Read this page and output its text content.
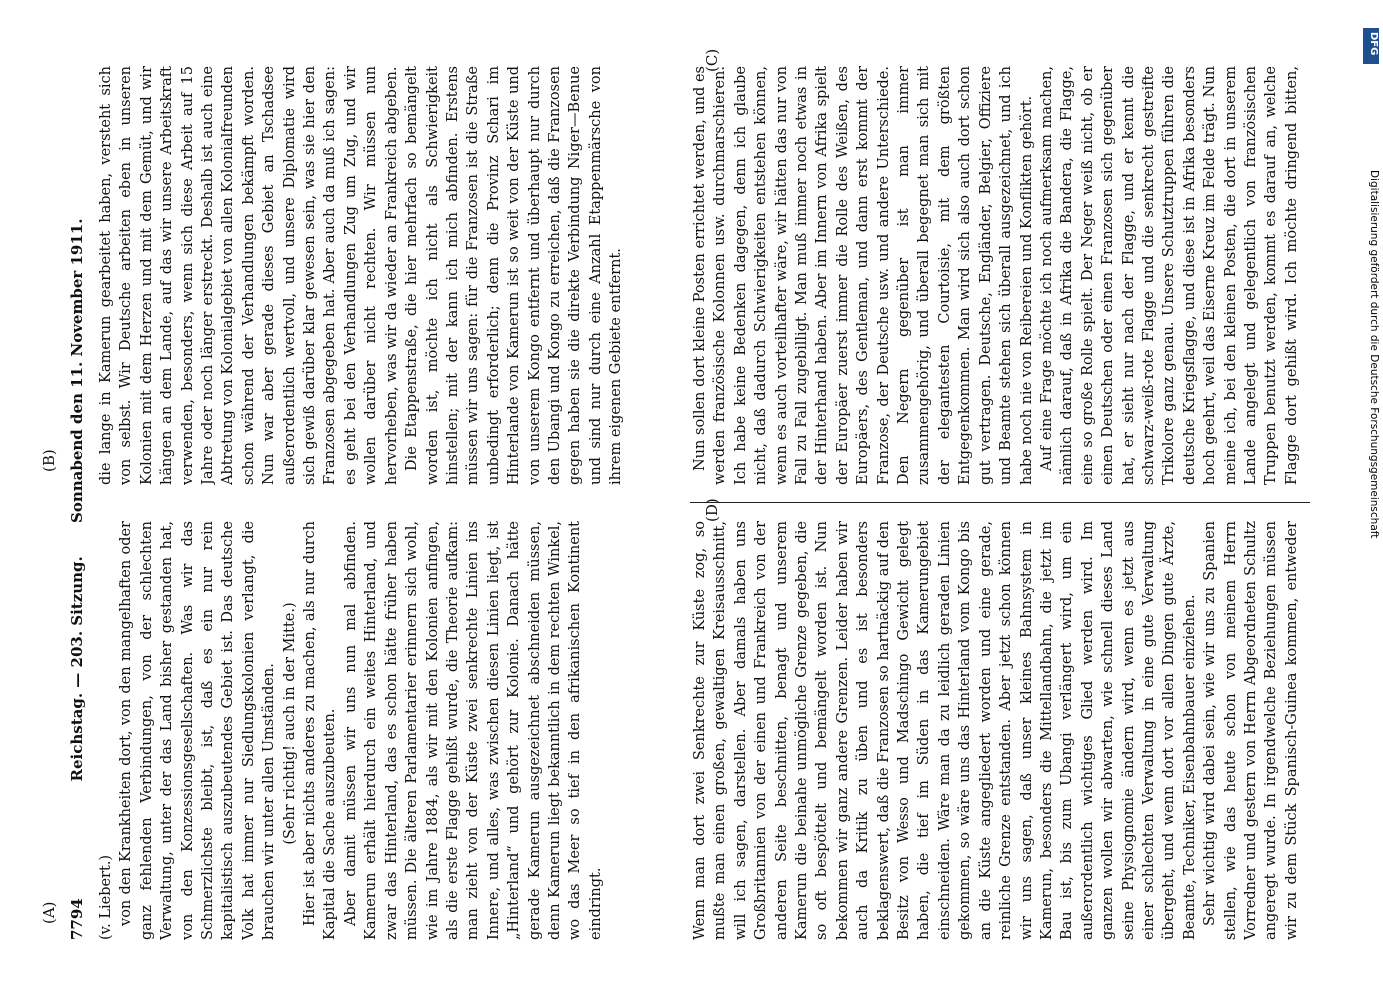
7794
Reichstag. — 203. Sitzung. Sonnabend den 11. November 1911.

(v. Liebert.) von den Krankheiten dort, von den mangelhaften oder ganz fehlenden Verbindungen, von der schlechten Verwaltung, unter der das Land bisher gestanden hat, von den Konzessionsgesellschaften. Was wir das Schmerzlichste bleibt, ist, daß es ein nur rein kapitalistisch auszubeutendes Gebiet ist. Das deutsche Volk hat immer nur Siedlungskolonien verlangt, die brauchen wir unter allen Umständen. (Sehr richtig! auch in der Mitte.) Hier ist aber nichts anderes zu machen, als nur durch Kapital die Sache auszubeuten. Aber damit müssen wir uns nun mal abfinden. Kamerun erhält hierdurch ein weites Hinterland, und zwar das Hinterland, das es schon hätte früher haben müssen. Die älteren Parlamentarier erinnern sich wohl, wie im Jahre 1884, als wir mit den Kolonien anfingen, als die erste Flagge gehißt wurde, die Theorie aufkam: man zieht von der Küste zwei senkrechte Linien ins Innere, und alles, was zwischen diesen Linien liegt, ist „Hinterland“ und gehört zur Kolonie. Danach hätte gerade Kamerun ausgezeichnet abschneiden müssen, denn Kamerun liegt bekanntlich in dem rechten Winkel, wo das Meer so tief in den afrikanischen Kontinent eindringt.

die lange in Kamerun gearbeitet haben, versteht sich von selbst. Wir Deutsche arbeiten eben in unseren Kolonien mit dem Herzen und mit dem Gemüt, und wir hängen an dem Lande, auf das wir unsere Arbeitskraft verwenden, besonders, wenn sich diese Arbeit auf 15 Jahre oder noch länger erstreckt. Deshalb ist auch eine Abtretung von Kolonialgebiet von allen Kolonialfreunden schon während der Verhandlungen bekämpft worden. Nun war aber gerade dieses Gebiet an Tschadsee außerordentlich wertvoll, und unsere Diplomatie wird sich gewiß darüber klar gewesen sein, was sie hier den Franzosen abgegeben hat. Aber auch da muß ich sagen: es geht bei den Verhandlungen Zug um Zug, und wir wollen darüber nicht rechten. Wir müssen nun hervorheben, was wir da wieder an Frankreich abgeben. Die Etappenstraße, die hier mehrfach so bemängelt worden ist, möchte ich nicht als Schwierigkeit hinstellen; mit der kann ich mich abfinden. Erstens müssen wir uns sagen: für die Franzosen ist die Straße unbedingt erforderlich; denn die Provinz Schari im Hinterlande von Kamerun ist so weit von der Küste und von unserem Kongo entfernt und überhaupt nur durch den Ubangi und Kongo zu erreichen, daß die Franzosen gegen haben sie die direkte Verbindung Niger—Benue und sind nur durch eine Anzahl Etappenmärsche von ihrem eigenen Gebiete entfernt.

Wenn man dort zwei Senkrechte zur Küste zog, so mußte man einen großen, gewaltigen Kreisausschnitt, will ich sagen, darstellen. Aber damals haben uns Großbritannien von der einen und Frankreich von der anderen Seite beschnitten, benagt und unserem Kamerun die beinahe unmögliche Grenze gegeben, die so oft bespöttelt und bemängelt worden ist. Nun bekommen wir ganz andere Grenzen. Leider haben wir auch da Kritik zu üben und es ist besonders beklagenswert, daß die Franzosen so hartnäckig auf den Besitz von Wesso und Madschingo Gewicht gelegt haben, die tief im Süden in das Kamerungebiet einschneiden. Wäre man da zu leidlich geraden Linien gekommen, so wäre uns das Hinterland vom Kongo bis an die Küste angegliedert worden und eine gerade, reinliche Grenze entstanden. Aber jetzt schon können wir uns sagen, daß unser kleines Bahnsystem in Kamerun, besonders die Mittellandbahn, die jetzt im Bau ist, bis zum Ubangi verlängert wird, um ein außerordentlich wichtiges Glied werden wird. Im ganzen wollen wir abwarten, wie schnell dieses Land seine Physiognomie ändern wird, wenn es jetzt aus einer schlechten Verwaltung in eine gute Verwaltung übergeht, und wenn dort vor allen Dingen gute Ärzte, Beamte, Techniker, Eisenbahnbauer einziehen. Sehr wichtig wird dabei sein, wie wir uns zu Spanien stellen, wie das heute schon von meinem Herrn Vorredner und gestern von Herrn Abgeordneten Schultz angeregt wurde. In irgendwelche Beziehungen müssen wir zu dem Stück Spanisch-Guinea kommen, entweder

Nun sollen dort kleine Posten errichtet werden, und es werden französische Kolonnen usw. durchmarschieren. Ich habe keine Bedenken dagegen, denn ich glaube nicht, daß dadurch Schwierigkeiten entstehen können, wenn es auch vorteilhafter wäre, wir hätten das nur von Fall zu Fall zugebilligt. Man muß immer noch etwas in der Hinterhand haben. Aber im Innern von Afrika spielt der Europäer zuerst immer die Rolle des Weißen, des Europäers, des Gentleman, und dann erst kommt der Franzose, der Deutsche usw. und andere Unterschiede. Den Negern gegenüber ist man immer zusammengehörig, und überall begegnet man sich mit der elegantesten Courtoisie, mit dem größten Entgegenkommen. Man wird sich also auch dort schon gut vertragen. Deutsche, Engländer, Belgier, Offiziere und Beamte stehen sich überall ausgezeichnet, und ich habe noch nie von Reibereien und Konflikten gehört. Auf eine Frage möchte ich noch aufmerksam machen, nämlich darauf, daß in Afrika die Bandera, die Flagge, eine so große Rolle spielt. Der Neger weiß nicht, ob er einen Deutschen oder einen Franzosen sich gegenüber hat, er sieht nur nach der Flagge, und er kennt die schwarz-weiß-rote Flagge und die senkrecht gestreifte Trikolore ganz genau. Unsere Schutztruppen führen die deutsche Kriegsflagge, und diese ist in Afrika besonders hoch geehrt, weil das Eiserne Kreuz im Felde trägt. Nun meine ich, bei den kleinen Posten, die dort in unserem Lande angelegt und gelegentlich von französischen Truppen benutzt werden, kommt es darauf an, welche Flagge dort gehißt wird. Ich möchte dringend bitten,

(A)
(B)
(C)
(D)
DFG
Digitalisierung gefördert durch die Deutsche Forschungsgemeinschaft
